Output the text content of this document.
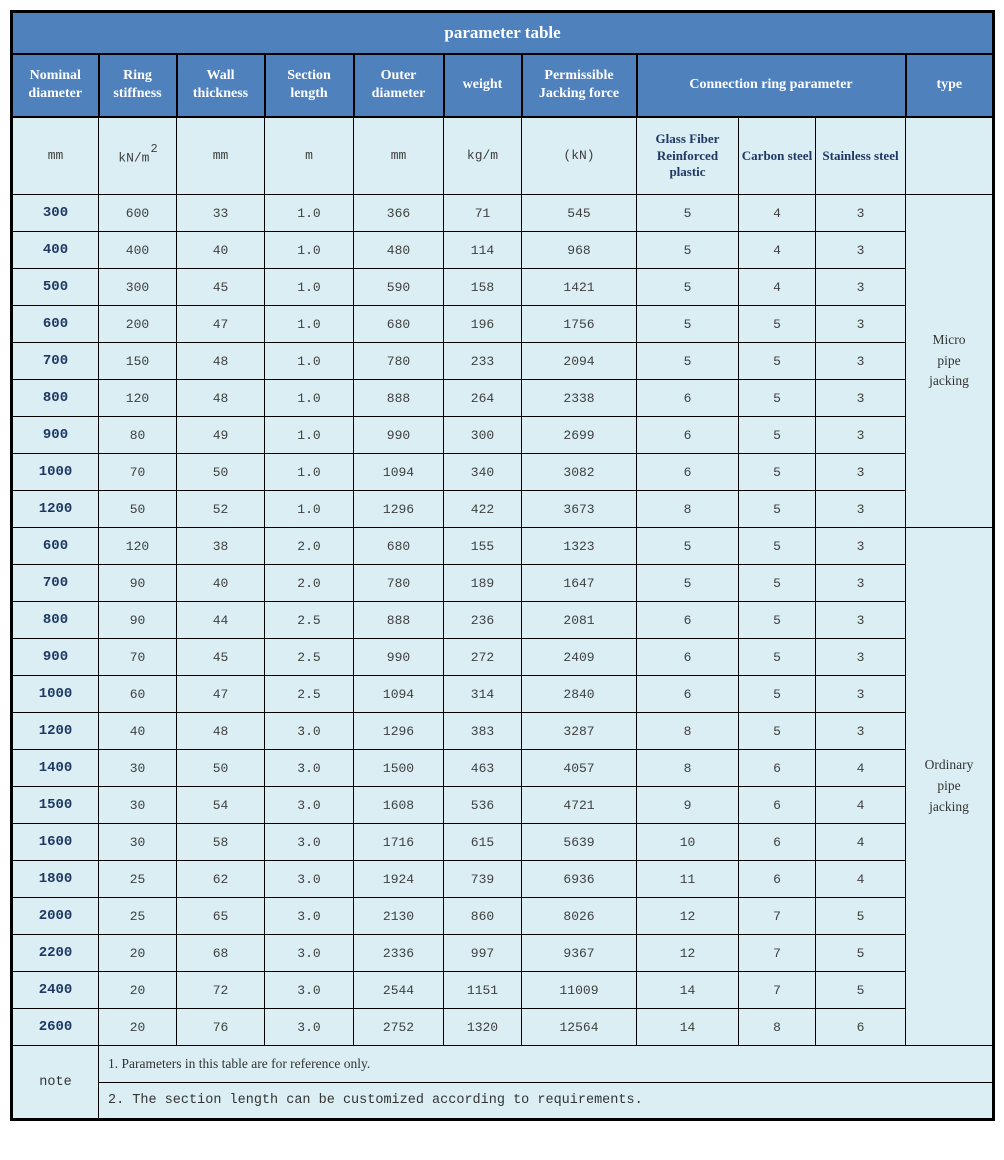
parameter table										
Nominal diameter	Ring stiffness	Wall thickness	Section length	Outer diameter	weight	Permissible Jacking force	Connection ring parameter			type
mm	$kN/m^2$	mm	m	mm	kg/m	(kN)	Glass Fiber Reinforced plastic	Carbon steel	Stainless steel	
300	600	33	1.0	366	71	545	5	4	3	Micro pipe jacking
400	400	40	1.0	480	114	968	5	4	3	
500	300	45	1.0	590	158	1421	5	4	3	
600	200	47	1.0	680	196	1756	5	5	3	
700	150	48	1.0	780	233	2094	5	5	3	
800	120	48	1.0	888	264	2338	6	5	3	
900	80	49	1.0	990	300	2699	6	5	3	
1000	70	50	1.0	1094	340	3082	6	5	3	
1200	50	52	1.0	1296	422	3673	8	5	3	
600	120	38	2.0	680	155	1323	5	5	3	Ordinary pipe jacking
700	90	40	2.0	780	189	1647	5	5	3	
800	90	44	2.5	888	236	2081	6	5	3	
900	70	45	2.5	990	272	2409	6	5	3	
1000	60	47	2.5	1094	314	2840	6	5	3	
1200	40	48	3.0	1296	383	3287	8	5	3	
1400	30	50	3.0	1500	463	4057	8	6	4	
1500	30	54	3.0	1608	536	4721	9	6	4	
1600	30	58	3.0	1716	615	5639	10	6	4	
1800	25	62	3.0	1924	739	6936	11	6	4	
2000	25	65	3.0	2130	860	8026	12	7	5	
2200	20	68	3.0	2336	997	9367	12	7	5	
2400	20	72	3.0	2544	1151	11009	14	7	5	
2600	20	76	3.0	2752	1320	12564	14	8	6	
note	1. Parameters in this table are for reference only.									
	2. The section length can be customized according to requirements.									
